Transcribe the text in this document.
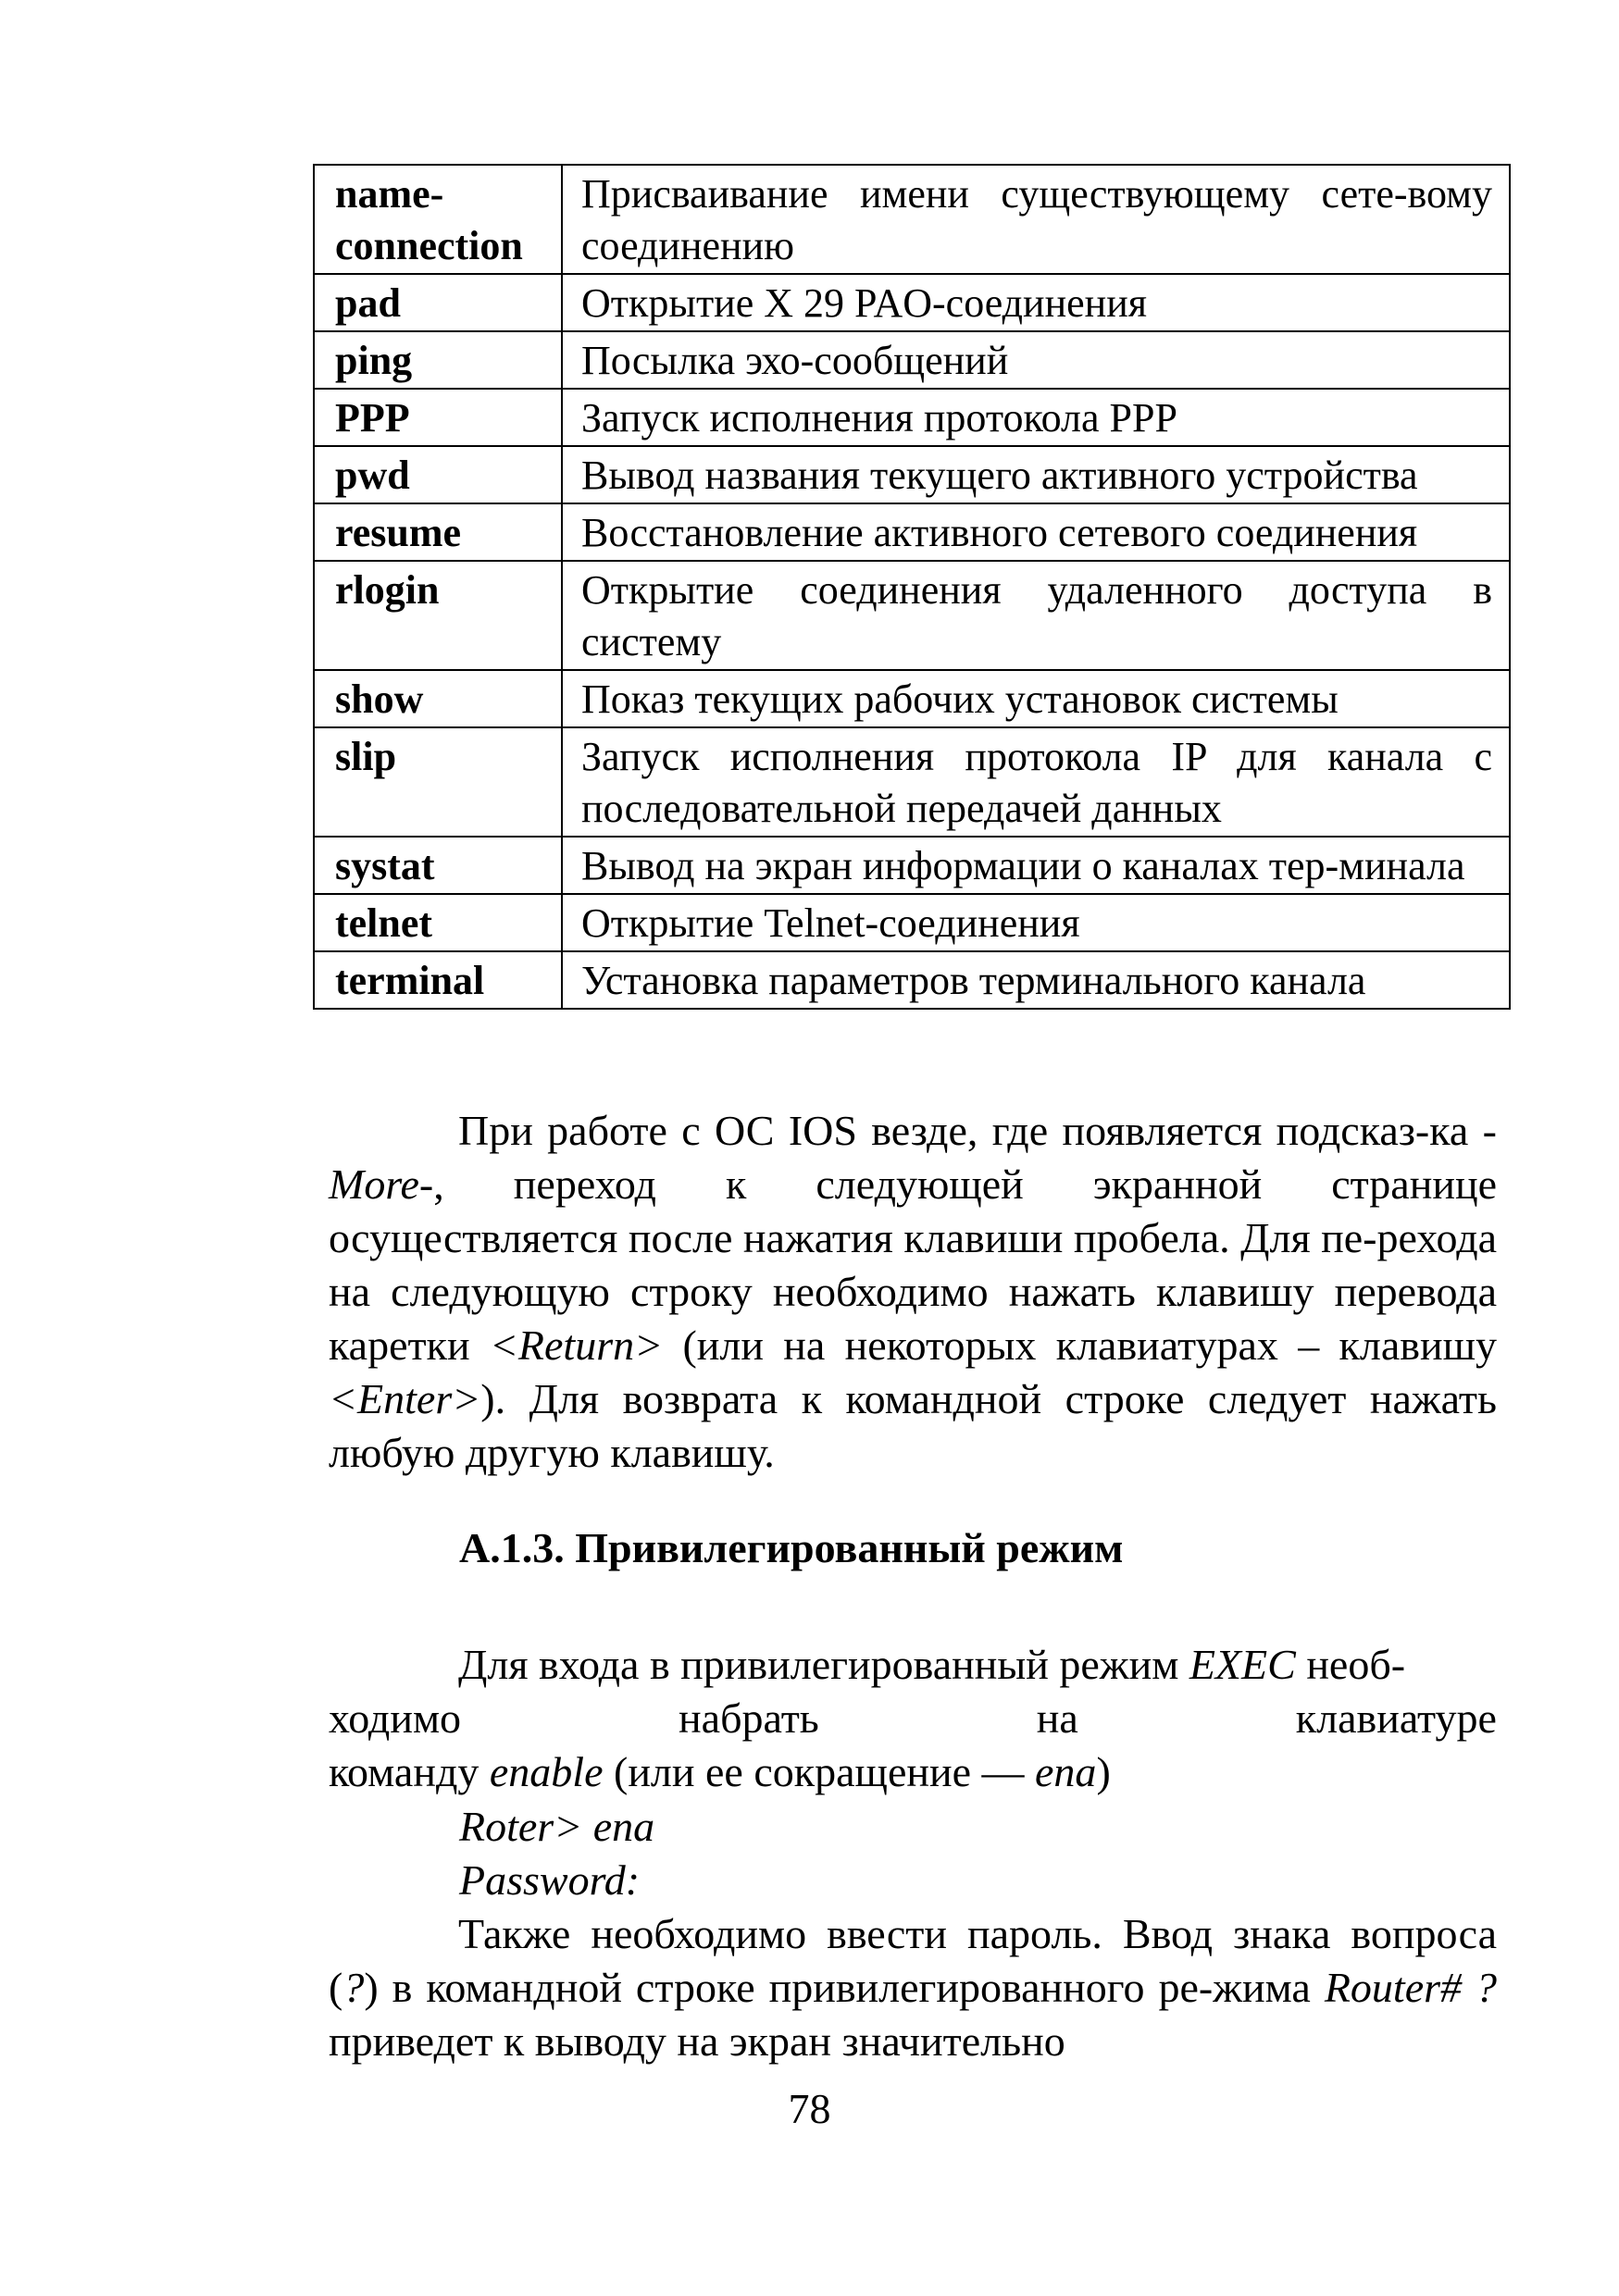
name-connection	Присваивание имени существующему сете-вому соединению
pad	Открытие X 29 PAO-соединения
ping	Посылка эхо-сообщений
PPP	Запуск исполнения протокола PPP
pwd	Вывод названия текущего активного устройства
resume	Восстановление активного сетевого соединения
rlogin	Открытие соединения удаленного доступа в систему
show	Показ текущих рабочих установок системы
slip	Запуск исполнения протокола IP для канала с последовательной передачей данных
systat	Вывод на экран информации о каналах тер-минала
telnet	Открытие Telnet-соединения
terminal	Установка параметров терминального канала
При работе с ОС IOS везде, где появляется подсказ-ка -More-, переход к следующей экранной странице осуществляется после нажатия клавиши пробела. Для пе-рехода на следующую строку необходимо нажать клавишу перевода каретки <Return> (или на некоторых клавиатурах – клавишу <Enter>). Для возврата к командной строке следует нажать любую другую клавишу.
А.1.3. Привилегированный режим
Для входа в привилегированный режим EXEC необ-
ходимо	набрать	на	клавиатуре
команду enable (или ее сокращение — ena)
Roter> ena
Password:
Также необходимо ввести пароль. Ввод знака вопроса (?) в командной строке привилегированного ре-жима Router# ? приведет к выводу на экран значительно
78
